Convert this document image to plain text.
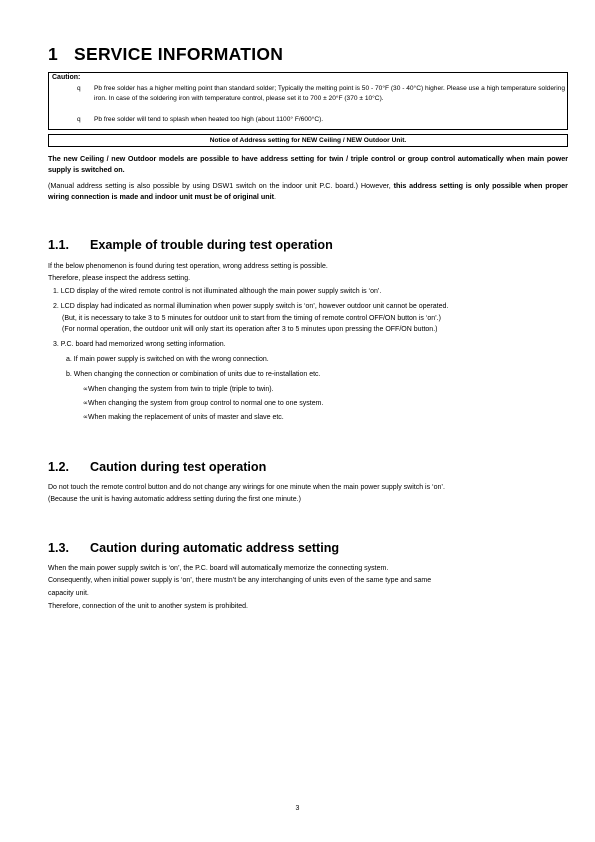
1 SERVICE INFORMATION
Caution:
q Pb free solder has a higher melting point than standard solder; Typically the melting point is 50 - 70°F (30 - 40°C) higher. Please use a high temperature soldering iron. In case of the soldering iron with temperature control, please set it to 700 ± 20°F (370 ± 10°C).
q Pb free solder will tend to splash when heated too high (about 1100° F/600°C).
Notice of Address setting for NEW Ceiling / NEW Outdoor Unit.
The new Ceiling / new Outdoor models are possible to have address setting for twin / triple control or group control automatically when main power supply is switched on.
(Manual address setting is also possible by using DSW1 switch on the indoor unit P.C. board.) However, this address setting is only possible when proper wiring connection is made and indoor unit must be of original unit.
1.1. Example of trouble during test operation
If the below phenomenon is found during test operation, wrong address setting is possible.
Therefore, please inspect the address setting.
1. LCD display of the wired remote control is not illuminated although the main power supply switch is ‘on’.
2. LCD display had indicated as normal illumination when power supply switch is ‘on’, however outdoor unit cannot be operated.
(But, it is necessary to take 3 to 5 minutes for outdoor unit to start from the timing of remote control OFF/ON button is ‘on’.)
(For normal operation, the outdoor unit will only start its operation after 3 to 5 minutes upon pressing the OFF/ON button.)
3. P.C. board had memorized wrong setting information.
a. If main power supply is switched on with the wrong connection.
b. When changing the connection or combination of units due to re-installation etc.
∝When changing the system from twin to triple (triple to twin).
∝When changing the system from group control to normal one to one system.
∝When making the replacement of units of master and slave etc.
1.2. Caution during test operation
Do not touch the remote control button and do not change any wirings for one minute when the main power supply switch is ‘on’.
(Because the unit is having automatic address setting during the first one minute.)
1.3. Caution during automatic address setting
When the main power supply switch is ‘on’, the P.C. board will automatically memorize the connecting system.
Consequently, when initial power supply is ‘on’, there mustn’t be any interchanging of units even of the same type and same
capacity unit.
Therefore, connection of the unit to another system is prohibited.
3
